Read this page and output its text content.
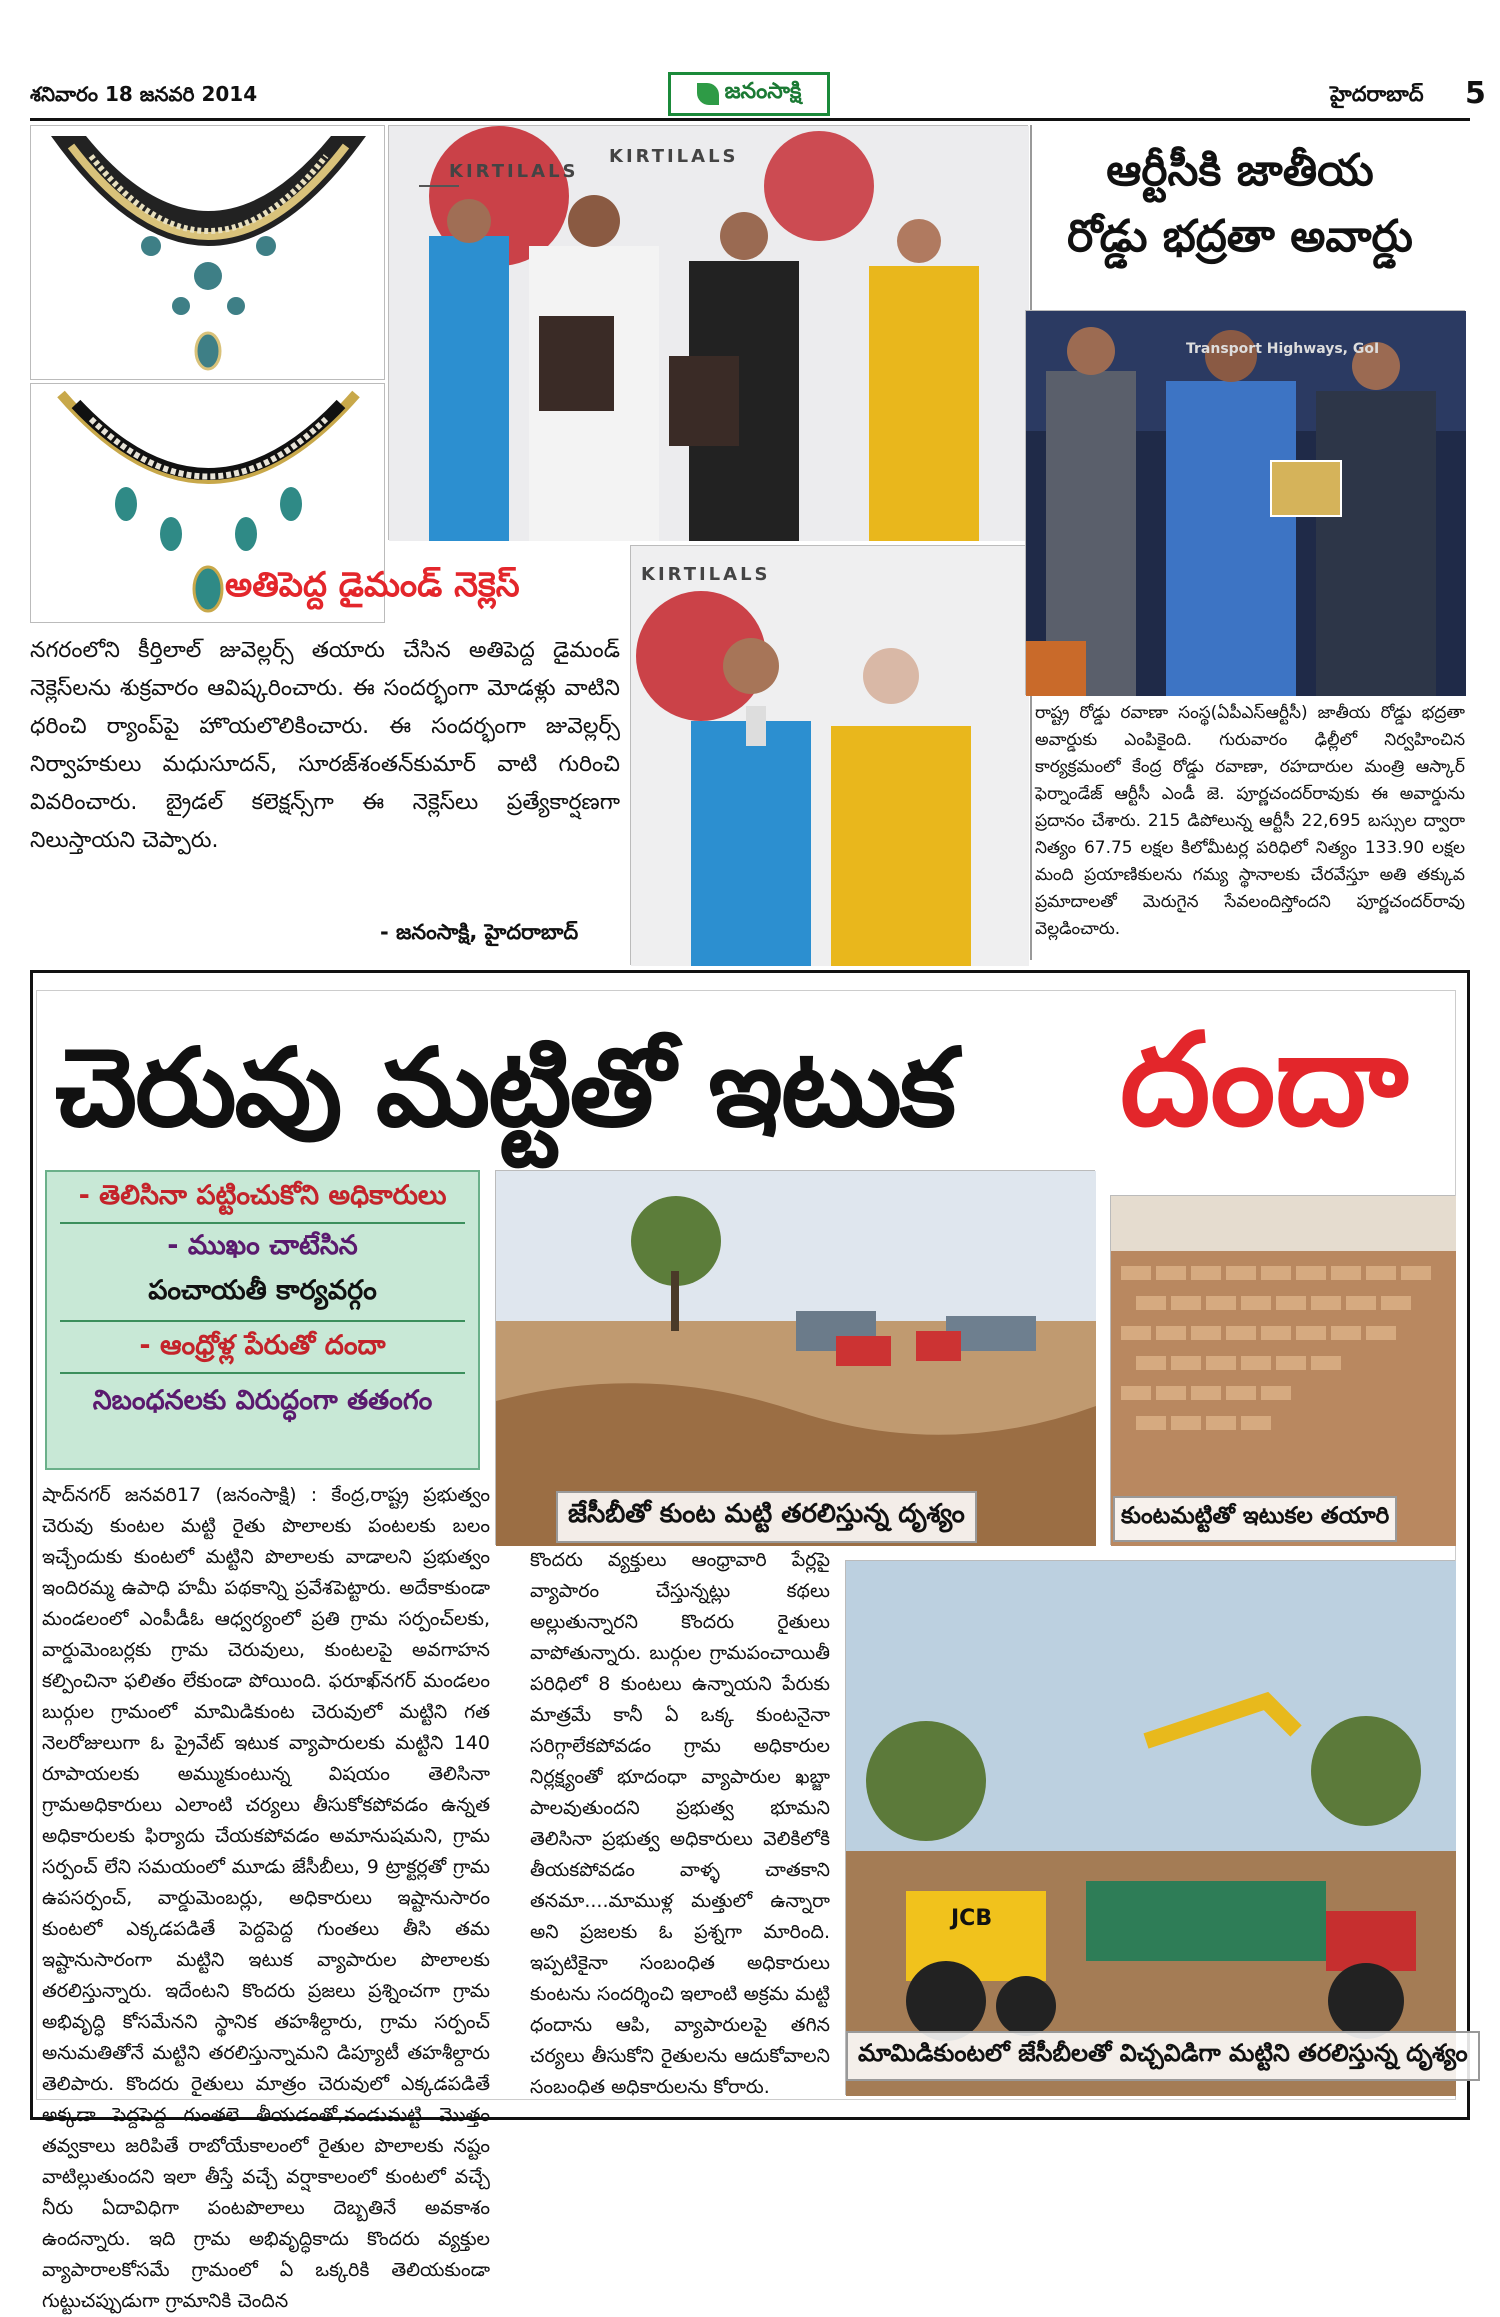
శనివారం 18 జనవరి 2014	జనంసాక్షి	హైదరాబాద్ 5
KIRTILALS
KIRTILALS
KIRTILALS
అతిపెద్ద డైమండ్ నెక్లెస్
నగరంలోని కీర్తిలాల్ జువెల్లర్స్ తయారు చేసిన అతిపెద్ద డైమండ్ నెక్లెస్‌లను శుక్రవారం ఆవిష్కరించారు. ఈ సందర్భంగా మోడళ్లు వాటిని ధరించి ర్యాంప్‌పై హొయలొలికించారు. ఈ సందర్భంగా జువెల్లర్స్ నిర్వాహకులు మధుసూదన్, సూరజ్‌శంతన్‌కుమార్ వాటి గురించి వివరించారు. బ్రైడల్ కలెక్షన్స్‌గా ఈ నెక్లెస్‌లు ప్రత్యేకార్షణగా నిలుస్తాయని చెప్పారు.
- జనంసాక్షి, హైదరాబాద్
ఆర్టీసీకి జాతీయ
రోడ్డు భద్రతా అవార్డు
Transport Highways, GoI
రాష్ట్ర రోడ్డు రవాణా సంస్థ(ఏపీఎస్ఆర్టీసీ) జాతీయ రోడ్డు భద్రతా అవార్డుకు ఎంపికైంది. గురువారం ఢిల్లీలో నిర్వహించిన కార్యక్రమంలో కేంద్ర రోడ్డు రవాణా, రహదారుల మంత్రి ఆస్కార్ ఫెర్నాండేజ్ ఆర్టీసీ ఎండీ జె. పూర్ణచందర్‌రావుకు ఈ అవార్డును ప్రదానం చేశారు. 215 డిపోలున్న ఆర్టీసీ 22,695 బస్సుల ద్వారా నిత్యం 67.75 లక్షల కిలోమీటర్ల పరిధిలో నిత్యం 133.90 లక్షల మంది ప్రయాణికులను గమ్య స్థానాలకు చేరవేస్తూ అతి తక్కువ ప్రమాదాలతో మెరుగైన సేవలందిస్తోందని పూర్ణచందర్‌రావు వెల్లడించారు.
చెరువు మట్టితో ఇటుక దందా
- తెలిసినా పట్టించుకోని అధికారులు
- ముఖం చాటేసిన
పంచాయతీ కార్యవర్గం
- ఆంధ్రోళ్ల పేరుతో దందా
నిబంధనలకు విరుద్ధంగా తతంగం
జేసీబీతో కుంట మట్టి తరలిస్తున్న దృశ్యం	కుంటమట్టితో ఇటుకల తయారి
షాద్‌నగర్ జనవరి17 (జనంసాక్షి) : కేంద్ర,రాష్ట్ర ప్రభుత్వం చెరువు కుంటల మట్టి రైతు పొలాలకు పంటలకు బలం ఇచ్చేందుకు కుంటలో మట్టిని పొలాలకు వాడాలని ప్రభుత్వం ఇందిరమ్మ ఉపాధి హమీ పథకాన్ని ప్రవేశపెట్టారు. అదేకాకుండా మండలంలో ఎంపీడీఓ ఆధ్వర్యంలో ప్రతి గ్రామ సర్పంచ్‌లకు, వార్డుమెంబర్లకు గ్రామ చెరువులు, కుంటలపై అవగాహన కల్పించినా ఫలితం లేకుండా పోయింది. ఫరూఖ్‌నగర్ మండలం బుర్గుల గ్రామంలో మామిడికుంట చెరువులో మట్టిని గత నెలరోజులుగా ఓ ప్రైవేట్ ఇటుక వ్యాపారులకు మట్టిని 140 రూపాయలకు అమ్ముకుంటున్న విషయం తెలిసినా గ్రామఅధికారులు ఎలాంటి చర్యలు తీసుకోకపోవడం ఉన్నత అధికారులకు ఫిర్యాదు చేయకపోవడం అమానుషమని, గ్రామ సర్పంచ్ లేని సమయంలో మూడు జేసీబీలు, 9 ట్రాక్టర్లతో గ్రామ ఉపసర్పంచ్, వార్డుమెంబర్లు, అధికారులు ఇష్టానుసారం కుంటలో ఎక్కడపడితే పెద్దపెద్ద గుంతలు తీసి తమ ఇష్టానుసారంగా మట్టిని ఇటుక వ్యాపారుల పొలాలకు తరలిస్తున్నారు. ఇదేంటని కొందరు ప్రజలు ప్రశ్నించగా గ్రామ అభివృద్ధి కోసమేనని స్థానిక తహశీల్దారు, గ్రామ సర్పంచ్ అనుమతితోనే మట్టిని తరలిస్తున్నామని డిప్యూటీ తహశీల్దారు తెలిపారు. కొందరు రైతులు మాత్రం చెరువులో ఎక్కడపడితే అక్కడా పెద్దపెద్ద గుంతలె తీయడంతో,వండుమట్టి మొత్తం తవ్వకాలు జరిపితే రాబోయేకాలంలో రైతుల పొలాలకు నష్టం వాటిల్లుతుందని ఇలా తీస్తే వచ్చే వర్షాకాలంలో కుంటలో వచ్చే నీరు ఏదావిధిగా పంటపొలాలు దెబ్బతినే అవకాశం ఉందన్నారు. ఇది గ్రామ అభివృద్ధికాదు కొందరు వ్యక్తుల వ్యాపారాలకోసమే గ్రామంలో ఏ ఒక్కరికి తెలియకుండా గుట్టుచప్పుడుగా గ్రామానికి చెందిన
కొందరు వ్యక్తులు ఆంధ్రావారి పేర్లపై వ్యాపారం చేస్తున్నట్లు కథలు అల్లుతున్నారని కొందరు రైతులు వాపోతున్నారు. బుర్గుల గ్రామపంచాయితీ పరిధిలో 8 కుంటలు ఉన్నాయని పేరుకు మాత్రమే కానీ ఏ ఒక్క కుంటనైనా సరిగ్గాలేకపోవడం గ్రామ అధికారుల నిర్లక్ష్యంతో భూదంధా వ్యాపారుల ఖబ్జా పాలవుతుందని ప్రభుత్వ భూమని తెలిసినా ప్రభుత్వ అధికారులు వెలికిలోకి తీయకపోవడం వాళ్ళ చాతకాని తనమా....మాముళ్ల మత్తులో ఉన్నారా అని ప్రజలకు ఓ ప్రశ్నగా మారింది. ఇప్పటికైనా సంబంధిత అధికారులు కుంటను సందర్శించి ఇలాంటి అక్రమ మట్టి ధందాను ఆపి, వ్యాపారులపై తగిన చర్యలు తీసుకోని రైతులను ఆదుకోవాలని సంబంధిత అధికారులను కోరారు.
JCB
మామిడికుంటలో జేసీబీలతో విచ్చవిడిగా మట్టిని తరలిస్తున్న దృశ్యం
